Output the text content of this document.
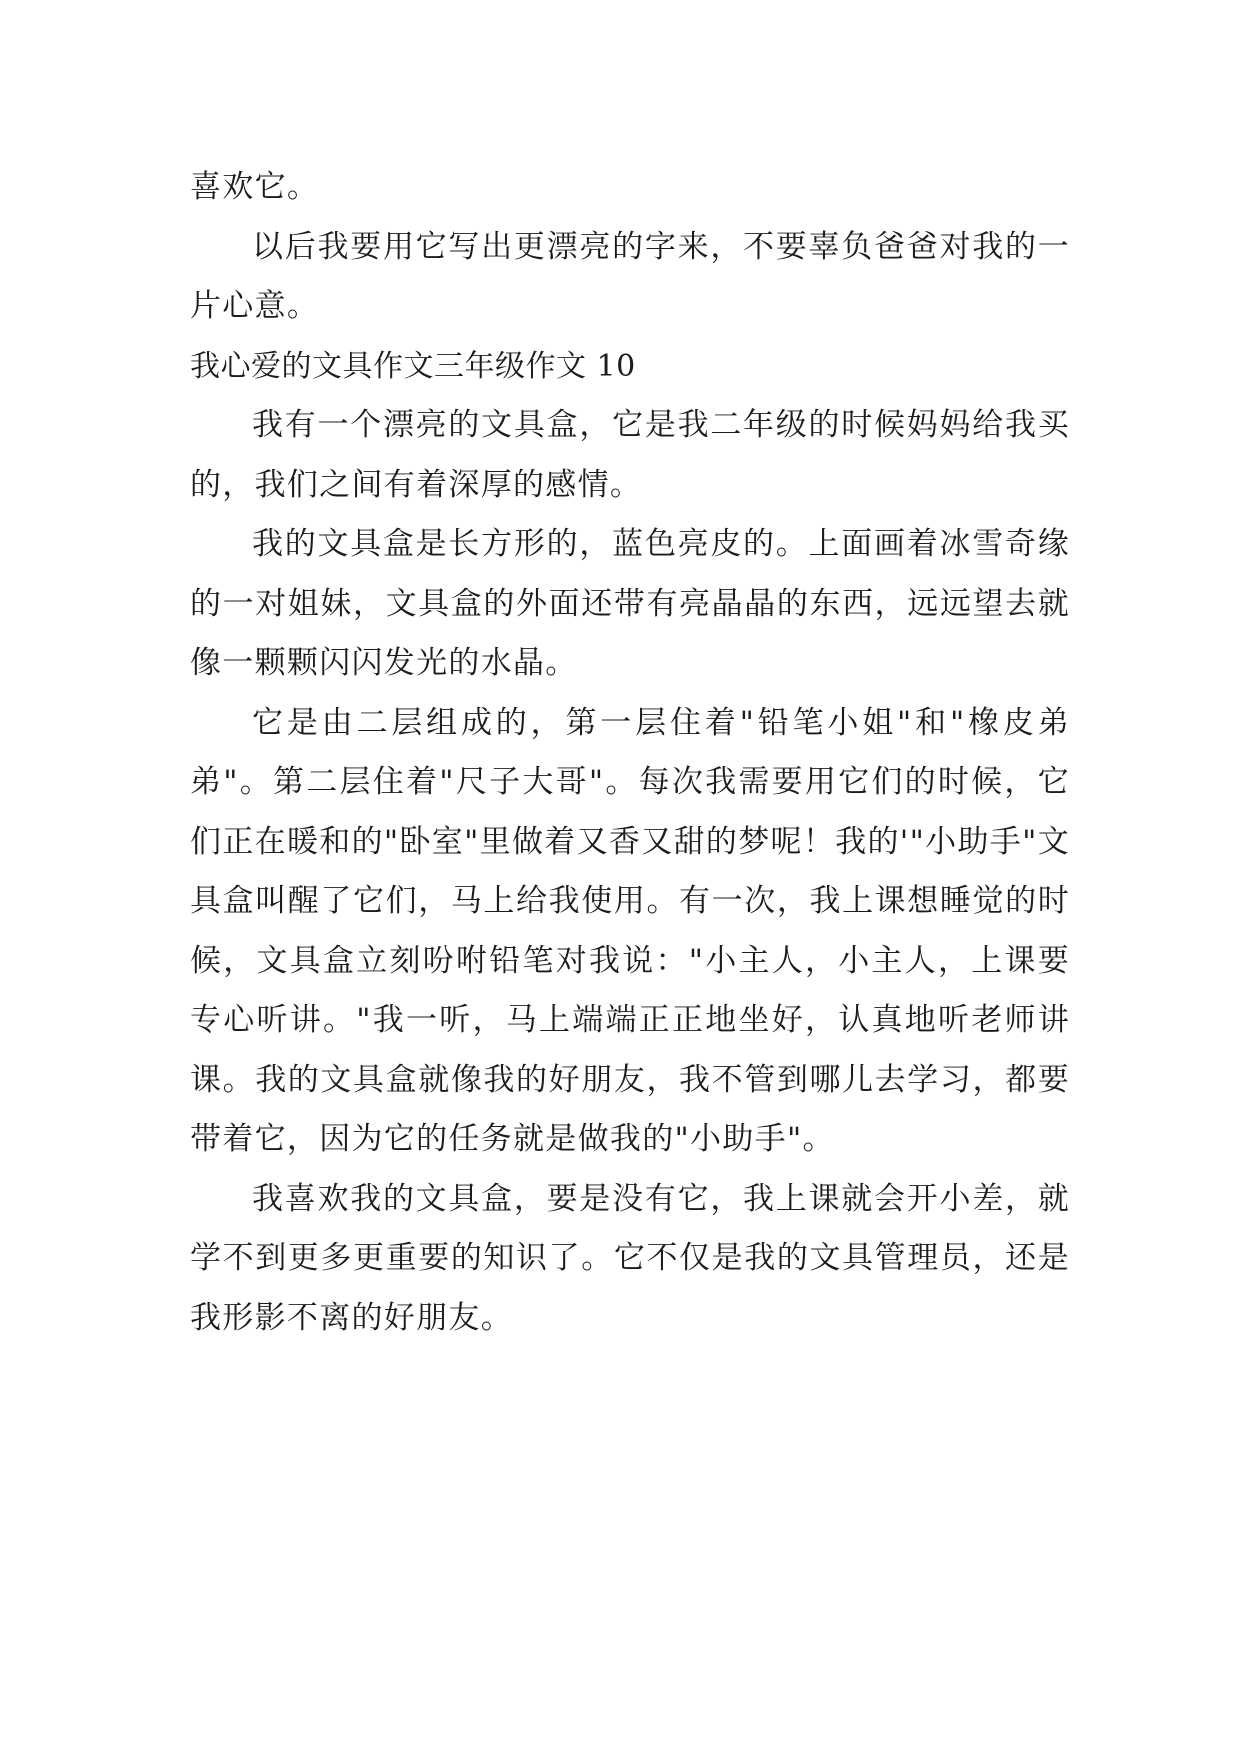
喜欢它。

以后我要用它写出更漂亮的字来，不要辜负爸爸对我的一片心意。

我心爱的文具作文三年级作文 10

我有一个漂亮的文具盒，它是我二年级的时候妈妈给我买的，我们之间有着深厚的感情。

我的文具盒是长方形的，蓝色亮皮的。上面画着冰雪奇缘的一对姐妹，文具盒的外面还带有亮晶晶的东西，远远望去就像一颗颗闪闪发光的水晶。

它是由二层组成的，第一层住着"铅笔小姐"和"橡皮弟弟"。第二层住着"尺子大哥"。每次我需要用它们的时候，它们正在暖和的"卧室"里做着又香又甜的梦呢！我的'"小助手"文具盒叫醒了它们，马上给我使用。有一次，我上课想睡觉的时候，文具盒立刻吩咐铅笔对我说："小主人，小主人，上课要专心听讲。"我一听，马上端端正正地坐好，认真地听老师讲课。我的文具盒就像我的好朋友，我不管到哪儿去学习，都要带着它，因为它的任务就是做我的"小助手"。

我喜欢我的文具盒，要是没有它，我上课就会开小差，就学不到更多更重要的知识了。它不仅是我的文具管理员，还是我形影不离的好朋友。
